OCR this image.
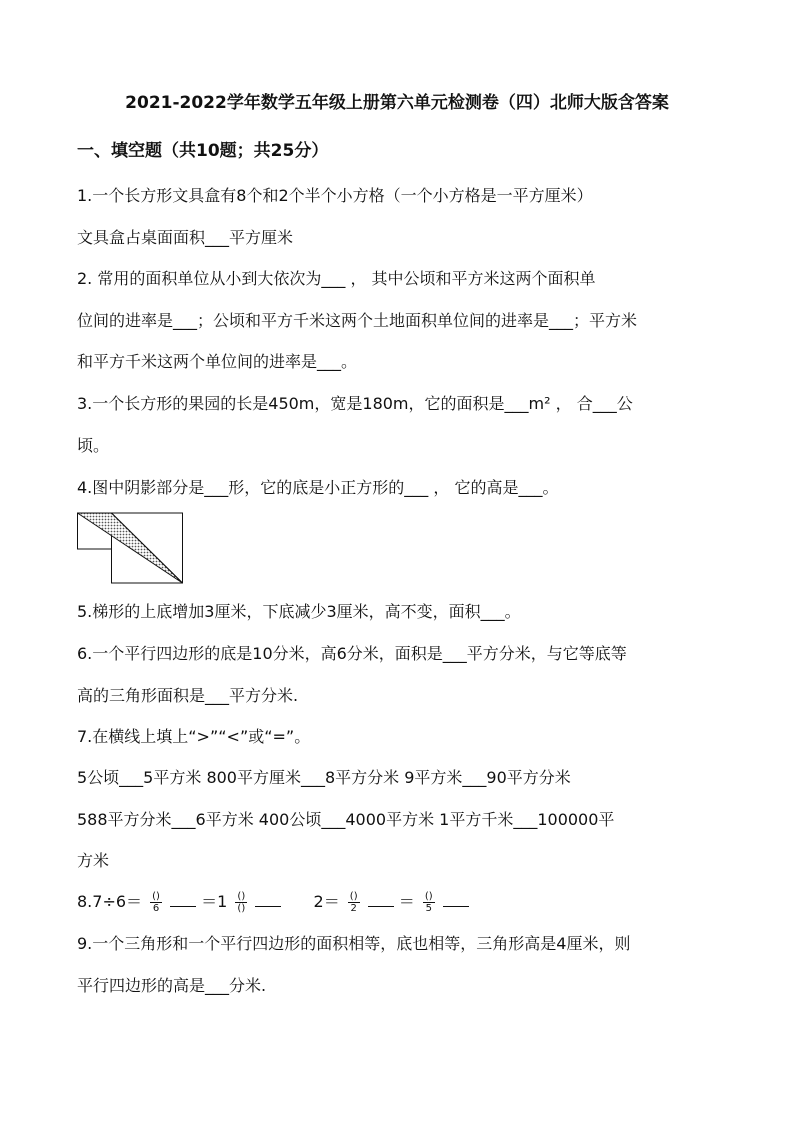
2021-2022学年数学五年级上册第六单元检测卷（四）北师大版含答案
一、填空题（共10题；共25分）
1.一个长方形文具盒有8个和2个半个小方格（一个小方格是一平方厘米）
文具盒占桌面面积___平方厘米
2. 常用的面积单位从小到大依次为___ ， 其中公顷和平方米这两个面积单
位间的进率是___；公顷和平方千米这两个土地面积单位间的进率是___；平方米
和平方千米这两个单位间的进率是___。
3.一个长方形的果园的长是450m，宽是180m，它的面积是___m² ， 合___公
顷。
4.图中阴影部分是___形，它的底是小正方形的___ ， 它的高是___。
5.梯形的上底增加3厘米，下底减少3厘米，高不变，面积___。
6.一个平行四边形的底是10分米，高6分米，面积是___平方分米，与它等底等
高的三角形面积是___平方分米.
7.在横线上填上“>”“<”或“=”。
5公顷___5平方米 800平方厘米___8平方分米 9平方米___90平方分米
588平方分米___6平方米 400公顷___4000平方米 1平方千米___100000平
方米
$8.7\div 6= \frac{()}{6} =1 \frac{()}{()}$	$2= \frac{()}{2} = \frac{()}{5}$

9.一个三角形和一个平行四边形的面积相等，底也相等，三角形高是4厘米，则
平行四边形的高是___分米.
